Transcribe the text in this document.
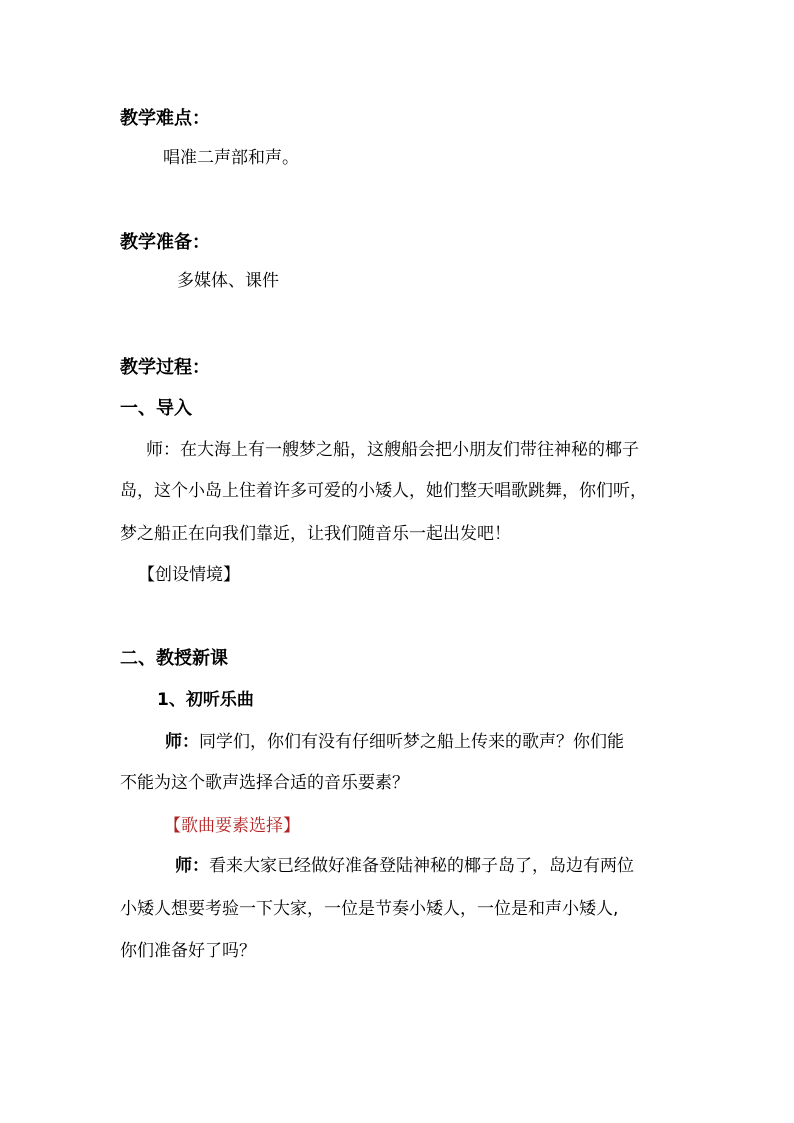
教学难点：
唱准二声部和声。
教学准备：
多媒体、课件
教学过程：
一、导入
师：在大海上有一艘梦之船，这艘船会把小朋友们带往神秘的椰子
岛，这个小岛上住着许多可爱的小矮人，她们整天唱歌跳舞，你们听，
梦之船正在向我们靠近，让我们随音乐一起出发吧！
【创设情境】
二、教授新课
1、初听乐曲
师：同学们，你们有没有仔细听梦之船上传来的歌声？你们能
不能为这个歌声选择合适的音乐要素？
【歌曲要素选择】
师：看来大家已经做好准备登陆神秘的椰子岛了，岛边有两位
小矮人想要考验一下大家，一位是节奏小矮人，一位是和声小矮人,
你们准备好了吗？
